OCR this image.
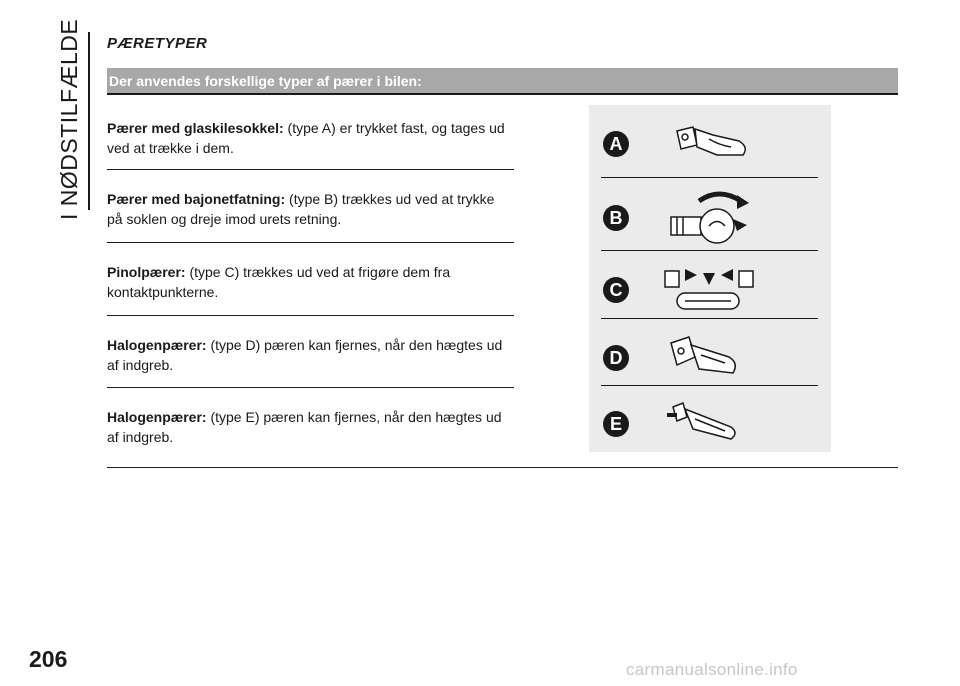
I NØDSTILFÆLDE PÆRETYPER
Der anvendes forskellige typer af pærer i bilen:
Pærer med glaskilesokkel: (type A) er trykket fast, og tages ud ved at trække i dem.
Pærer med bajonetfatning: (type B) trækkes ud ved at trykke på soklen og dreje imod urets retning.
Pinolpærer: (type C) trækkes ud ved at frigøre dem fra kontaktpunkterne.
Halogenpærer: (type D) pæren kan fjernes, når den hægtes ud af indgreb.
Halogenpærer: (type E) pæren kan fjernes, når den hægtes ud af indgreb.
A
B
C
D
E
206	carmanualsonline.info
